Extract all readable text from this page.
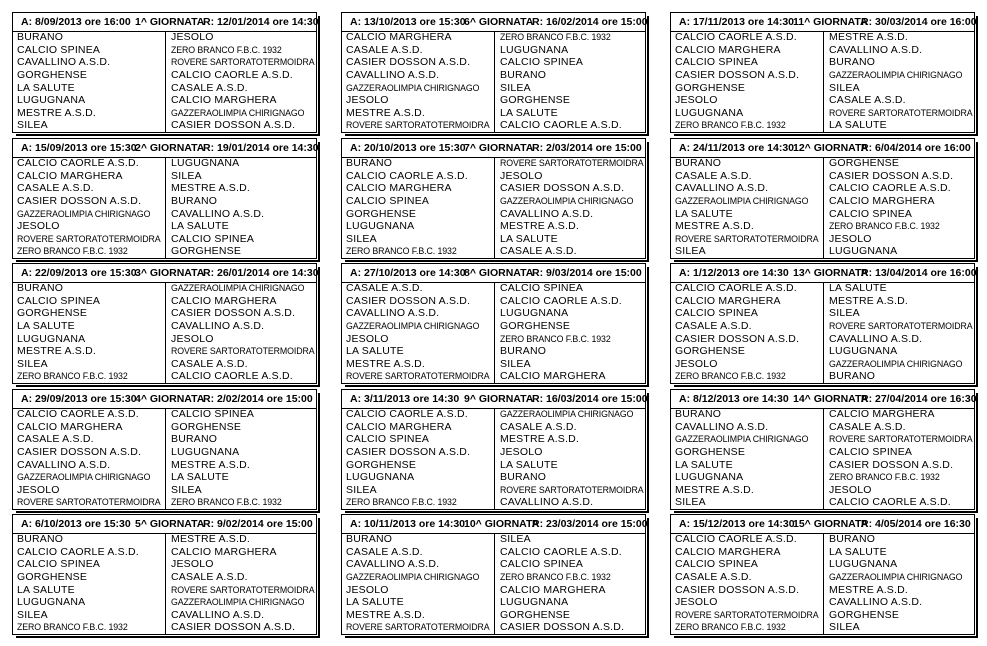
A: 8/09/2013 ore 16:00 1^ GIORNATA
R: 12/01/2014 ore 14:30
BURANO	JESOLO
CALCIO SPINEA	ZERO BRANCO F.B.C. 1932
CAVALLINO A.S.D.	ROVERE SARTORATOTERMOIDRA
GORGHENSE	CALCIO CAORLE A.S.D.
LA SALUTE	CASALE A.S.D.
LUGUGNANA	CALCIO MARGHERA
MESTRE A.S.D.	GAZZERAOLIMPIA CHIRIGNAGO
SILEA	CASIER DOSSON A.S.D.
A: 13/10/2013 ore 15:30
6^ GIORNATA
R: 16/02/2014 ore 15:00
CALCIO MARGHERA	ZERO BRANCO F.B.C. 1932
CASALE A.S.D.	LUGUGNANA
CASIER DOSSON A.S.D.	CALCIO SPINEA
CAVALLINO A.S.D.	BURANO
GAZZERAOLIMPIA CHIRIGNAGO	SILEA
JESOLO	GORGHENSE
MESTRE A.S.D.	LA SALUTE
ROVERE SARTORATOTERMOIDRA	CALCIO CAORLE A.S.D.
A: 17/11/2013 ore 14:30 11^ GIORNATA
R: 30/03/2014 ore 16:00
CALCIO CAORLE A.S.D.	MESTRE A.S.D.
CALCIO MARGHERA	CAVALLINO A.S.D.
CALCIO SPINEA	BURANO
CASIER DOSSON A.S.D.	GAZZERAOLIMPIA CHIRIGNAGO
GORGHENSE	SILEA
JESOLO	CASALE A.S.D.
LUGUGNANA	ROVERE SARTORATOTERMOIDRA
ZERO BRANCO F.B.C. 1932	LA SALUTE
A: 15/09/2013 ore 15:30
2^ GIORNATA
R: 19/01/2014 ore 14:30
CALCIO CAORLE A.S.D.	LUGUGNANA
CALCIO MARGHERA	SILEA
CASALE A.S.D.	MESTRE A.S.D.
CASIER DOSSON A.S.D.	BURANO
GAZZERAOLIMPIA CHIRIGNAGO	CAVALLINO A.S.D.
JESOLO	LA SALUTE
ROVERE SARTORATOTERMOIDRA	CALCIO SPINEA
ZERO BRANCO F.B.C. 1932	GORGHENSE
A: 20/10/2013 ore 15:30
7^ GIORNATA
R: 2/03/2014 ore 15:00
BURANO	ROVERE SARTORATOTERMOIDRA
CALCIO CAORLE A.S.D.	JESOLO
CALCIO MARGHERA	CASIER DOSSON A.S.D.
CALCIO SPINEA	GAZZERAOLIMPIA CHIRIGNAGO
GORGHENSE	CAVALLINO A.S.D.
LUGUGNANA	MESTRE A.S.D.
SILEA	LA SALUTE
ZERO BRANCO F.B.C. 1932	CASALE A.S.D.
A: 24/11/2013 ore 14:30 12^ GIORNATA
R: 6/04/2014 ore 16:00
BURANO	GORGHENSE
CASALE A.S.D.	CASIER DOSSON A.S.D.
CAVALLINO A.S.D.	CALCIO CAORLE A.S.D.
GAZZERAOLIMPIA CHIRIGNAGO	CALCIO MARGHERA
LA SALUTE	CALCIO SPINEA
MESTRE A.S.D.	ZERO BRANCO F.B.C. 1932
ROVERE SARTORATOTERMOIDRA	JESOLO
SILEA	LUGUGNANA
A: 22/09/2013 ore 15:30
3^ GIORNATA
R: 26/01/2014 ore 14:30
BURANO	GAZZERAOLIMPIA CHIRIGNAGO
CALCIO SPINEA	CALCIO MARGHERA
GORGHENSE	CASIER DOSSON A.S.D.
LA SALUTE	CAVALLINO A.S.D.
LUGUGNANA	JESOLO
MESTRE A.S.D.	ROVERE SARTORATOTERMOIDRA
SILEA	CASALE A.S.D.
ZERO BRANCO F.B.C. 1932	CALCIO CAORLE A.S.D.
A: 27/10/2013 ore 14:30
8^ GIORNATA
R: 9/03/2014 ore 15:00
CASALE A.S.D.	CALCIO SPINEA
CASIER DOSSON A.S.D.	CALCIO CAORLE A.S.D.
CAVALLINO A.S.D.	LUGUGNANA
GAZZERAOLIMPIA CHIRIGNAGO	GORGHENSE
JESOLO	ZERO BRANCO F.B.C. 1932
LA SALUTE	BURANO
MESTRE A.S.D.	SILEA
ROVERE SARTORATOTERMOIDRA	CALCIO MARGHERA
A: 1/12/2013 ore 14:30 13^ GIORNATA
R: 13/04/2014 ore 16:00
CALCIO CAORLE A.S.D.	LA SALUTE
CALCIO MARGHERA	MESTRE A.S.D.
CALCIO SPINEA	SILEA
CASALE A.S.D.	ROVERE SARTORATOTERMOIDRA
CASIER DOSSON A.S.D.	CAVALLINO A.S.D.
GORGHENSE	LUGUGNANA
JESOLO	GAZZERAOLIMPIA CHIRIGNAGO
ZERO BRANCO F.B.C. 1932	BURANO
A: 29/09/2013 ore 15:30
4^ GIORNATA
R: 2/02/2014 ore 15:00
CALCIO CAORLE A.S.D.	CALCIO SPINEA
CALCIO MARGHERA	GORGHENSE
CASALE A.S.D.	BURANO
CASIER DOSSON A.S.D.	LUGUGNANA
CAVALLINO A.S.D.	MESTRE A.S.D.
GAZZERAOLIMPIA CHIRIGNAGO	LA SALUTE
JESOLO	SILEA
ROVERE SARTORATOTERMOIDRA	ZERO BRANCO F.B.C. 1932
A: 3/11/2013 ore 14:30 9^ GIORNATA
R: 16/03/2014 ore 15:00
CALCIO CAORLE A.S.D.	GAZZERAOLIMPIA CHIRIGNAGO
CALCIO MARGHERA	CASALE A.S.D.
CALCIO SPINEA	MESTRE A.S.D.
CASIER DOSSON A.S.D.	JESOLO
GORGHENSE	LA SALUTE
LUGUGNANA	BURANO
SILEA	ROVERE SARTORATOTERMOIDRA
ZERO BRANCO F.B.C. 1932	CAVALLINO A.S.D.
A: 8/12/2013 ore 14:30 14^ GIORNATA
R: 27/04/2014 ore 16:30
BURANO	CALCIO MARGHERA
CAVALLINO A.S.D.	CASALE A.S.D.
GAZZERAOLIMPIA CHIRIGNAGO	ROVERE SARTORATOTERMOIDRA
GORGHENSE	CALCIO SPINEA
LA SALUTE	CASIER DOSSON A.S.D.
LUGUGNANA	ZERO BRANCO F.B.C. 1932
MESTRE A.S.D.	JESOLO
SILEA	CALCIO CAORLE A.S.D.
A: 6/10/2013 ore 15:30 5^ GIORNATA
R: 9/02/2014 ore 15:00
BURANO	MESTRE A.S.D.
CALCIO CAORLE A.S.D.	CALCIO MARGHERA
CALCIO SPINEA	JESOLO
GORGHENSE	CASALE A.S.D.
LA SALUTE	ROVERE SARTORATOTERMOIDRA
LUGUGNANA	GAZZERAOLIMPIA CHIRIGNAGO
SILEA	CAVALLINO A.S.D.
ZERO BRANCO F.B.C. 1932	CASIER DOSSON A.S.D.
A: 10/11/2013 ore 14:30 10^ GIORNATA
R: 23/03/2014 ore 15:00
BURANO	SILEA
CASALE A.S.D.	CALCIO CAORLE A.S.D.
CAVALLINO A.S.D.	CALCIO SPINEA
GAZZERAOLIMPIA CHIRIGNAGO	ZERO BRANCO F.B.C. 1932
JESOLO	CALCIO MARGHERA
LA SALUTE	LUGUGNANA
MESTRE A.S.D.	GORGHENSE
ROVERE SARTORATOTERMOIDRA	CASIER DOSSON A.S.D.
A: 15/12/2013 ore 14:30
15^ GIORNATA
R: 4/05/2014 ore 16:30
CALCIO CAORLE A.S.D.	BURANO
CALCIO MARGHERA	LA SALUTE
CALCIO SPINEA	LUGUGNANA
CASALE A.S.D.	GAZZERAOLIMPIA CHIRIGNAGO
CASIER DOSSON A.S.D.	MESTRE A.S.D.
JESOLO	CAVALLINO A.S.D.
ROVERE SARTORATOTERMOIDRA	GORGHENSE
ZERO BRANCO F.B.C. 1932	SILEA
